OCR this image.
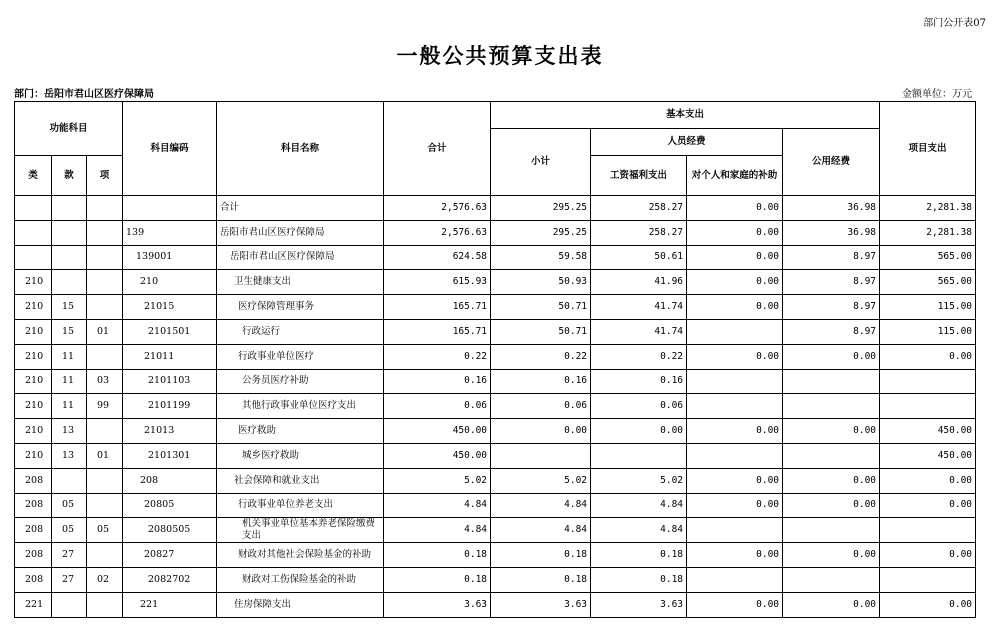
部门公开表07
一般公共预算支出表
部门：岳阳市君山区医疗保障局	金额单位：万元
功能科目			科目编码	科目名称	合计	基本支出				项目支出
						小计	人员经费		公用经费	
类	款	项					工资福利支出	对个人和家庭的补助		

				合计	2,576.63	295.25	258.27	0.00	36.98	2,281.38
			139	岳阳市君山区医疗保障局	2,576.63	295.25	258.27	0.00	36.98	2,281.38
			139001	岳阳市君山区医疗保障局	624.58	59.58	50.61	0.00	8.97	565.00
210			210	卫生健康支出	615.93	50.93	41.96	0.00	8.97	565.00
210	15		21015	医疗保障管理事务	165.71	50.71	41.74	0.00	8.97	115.00
210	15	01	2101501	行政运行	165.71	50.71	41.74		8.97	115.00
210	11		21011	行政事业单位医疗	0.22	0.22	0.22	0.00	0.00	0.00
210	11	03	2101103	公务员医疗补助	0.16	0.16	0.16			
210	11	99	2101199	其他行政事业单位医疗支出	0.06	0.06	0.06			
210	13		21013	医疗救助	450.00	0.00	0.00	0.00	0.00	450.00
210	13	01	2101301	城乡医疗救助	450.00					450.00
208			208	社会保障和就业支出	5.02	5.02	5.02	0.00	0.00	0.00
208	05		20805	行政事业单位养老支出	4.84	4.84	4.84	0.00	0.00	0.00
208	05	05	2080505	机关事业单位基本养老保险缴费支出	4.84	4.84	4.84			
208	27		20827	财政对其他社会保险基金的补助	0.18	0.18	0.18	0.00	0.00	0.00
208	27	02	2082702	财政对工伤保险基金的补助	0.18	0.18	0.18			
221			221	住房保障支出	3.63	3.63	3.63	0.00	0.00	0.00
